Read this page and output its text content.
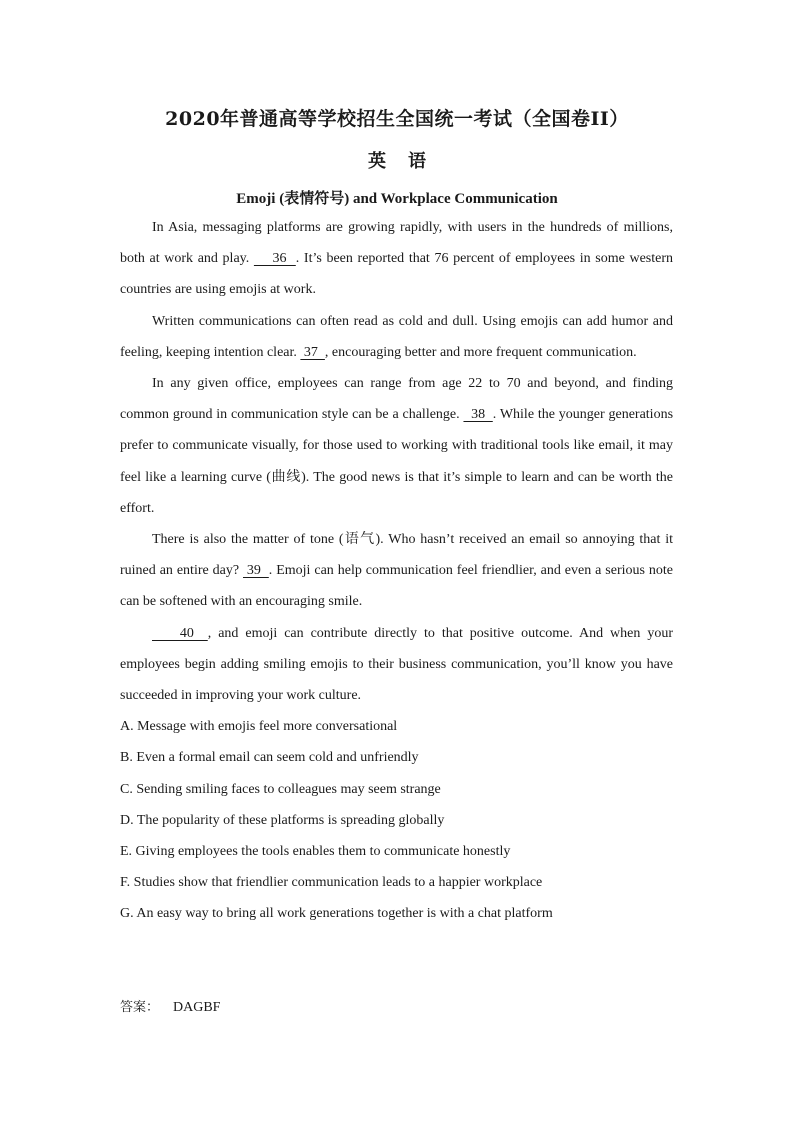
2020年普通高等学校招生全国统一考试（全国卷II）
英语
Emoji (表情符号) and Workplace Communication

In Asia, messaging platforms are growing rapidly, with users in the hundreds of millions, both at work and play.     36  . It’s been reported that 76 percent of employees in some western countries are using emojis at work.

Written communications can often read as cold and dull. Using emojis can add humor and feeling, keeping intention clear.  37  , encouraging better and more frequent communication.

In any given office, employees can range from age 22 to 70 and beyond, and finding common ground in communication style can be a challenge.   38  . While the younger generations prefer to communicate visually, for those used to working with traditional tools like email, it may feel like a learning curve (曲线). The good news is that it’s simple to learn and can be worth the effort.

There is also the matter of tone (语气). Who hasn’t received an email so annoying that it ruined an entire day?  39  . Emoji can help communication feel friendlier, and even a serious note can be softened with an encouraging smile.

40  , and emoji can contribute directly to that positive outcome. And when your employees begin adding smiling emojis to their business communication, you’ll know you have succeeded in improving your work culture.

A. Message with emojis feel more conversational

B. Even a formal email can seem cold and unfriendly

C. Sending smiling faces to colleagues may seem strange

D. The popularity of these platforms is spreading globally

E. Giving employees the tools enables them to communicate honestly

F. Studies show that friendlier communication leads to a happier workplace

G. An easy way to bring all work generations together is with a chat platform

答案： DAGBF
